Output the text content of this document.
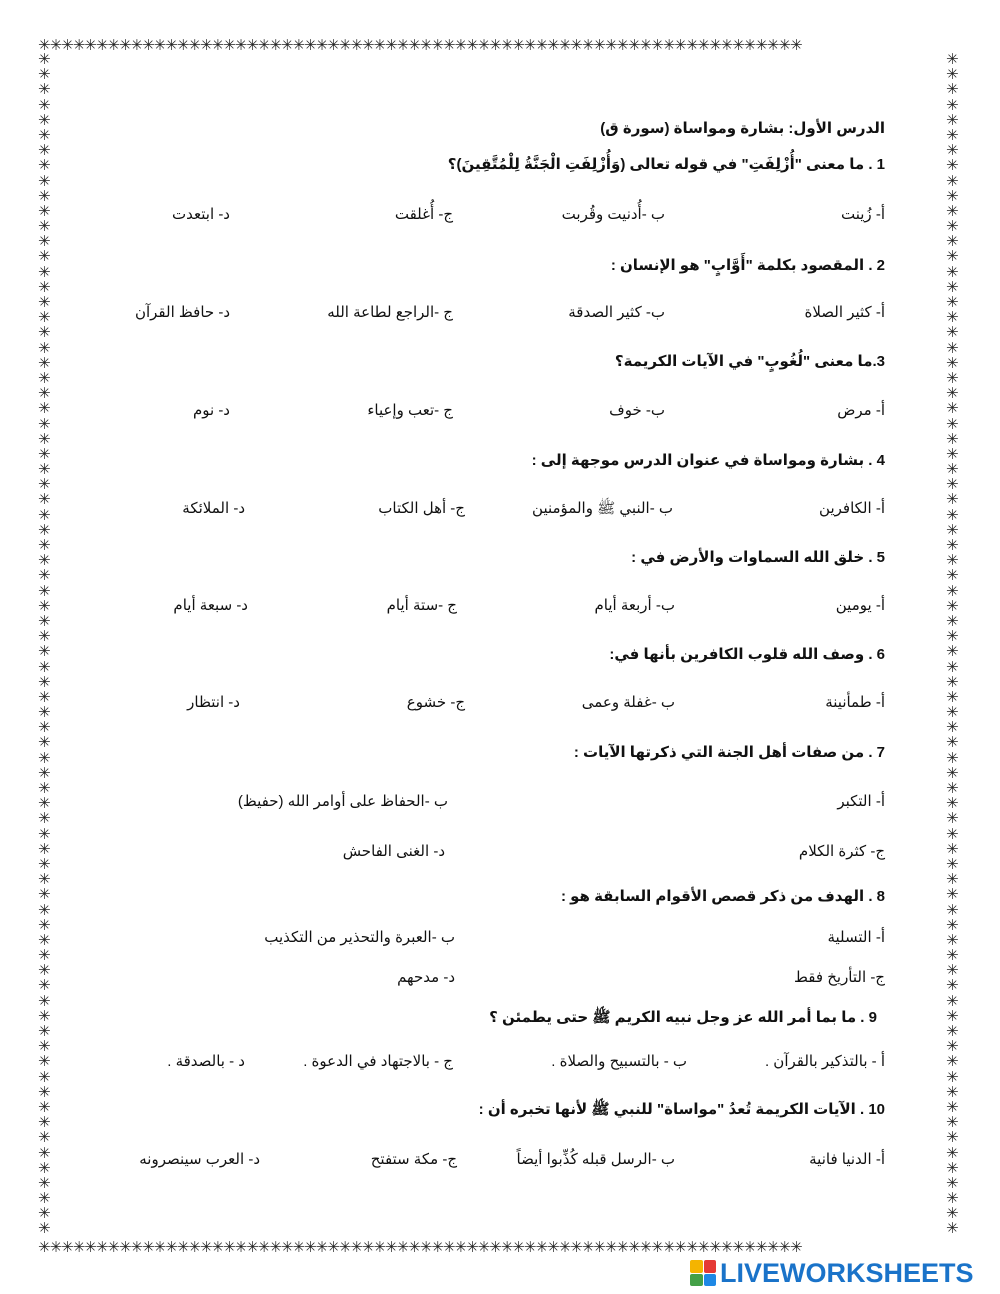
✳✳✳✳✳✳✳✳✳✳✳✳✳✳✳✳✳✳✳✳✳✳✳✳✳✳✳✳✳✳✳✳✳✳✳✳✳✳✳✳✳✳✳✳✳✳✳✳✳✳✳✳✳✳✳✳✳✳✳✳✳✳✳✳✳✳
✳✳✳✳✳✳✳✳✳✳✳✳✳✳✳✳✳✳✳✳✳✳✳✳✳✳✳✳✳✳✳✳✳✳✳✳✳✳✳✳✳✳✳✳✳✳✳✳✳✳✳✳✳✳✳✳✳✳✳✳✳✳✳✳✳✳
✳
✳
✳
✳
✳
✳
✳
✳
✳
✳
✳
✳
✳
✳
✳
✳
✳
✳
✳
✳
✳
✳
✳
✳
✳
✳
✳
✳
✳
✳
✳
✳
✳
✳
✳
✳
✳
✳
✳
✳
✳
✳
✳
✳
✳
✳
✳
✳
✳
✳
✳
✳
✳
✳
✳
✳
✳
✳
✳
✳
✳
✳
✳
✳
✳
✳
✳
✳
✳
✳
✳
✳
✳
✳
✳
✳
✳
✳
✳
✳
✳
✳
✳
✳
✳
✳
✳
✳
✳
✳
✳
✳
✳
✳
✳
✳
✳
✳
✳
✳
✳
✳
✳
✳
✳
✳
✳
✳
✳
✳
✳
✳
✳
✳
✳
✳
✳
✳
✳
✳
✳
✳
✳
✳
✳
✳
✳
✳
✳
✳
✳
✳
✳
✳
✳
✳
✳
✳
✳
✳
✳
✳
✳
✳
✳
✳
✳
✳
✳
✳
✳
✳
✳
✳
✳
✳
الدرس الأول: بشارة ومواساة (سورة ق)
1 . ما معنى "أُزْلِفَتِ" في قوله تعالى (وَأُزْلِفَتِ الْجَنَّةُ لِلْمُتَّقِينَ)؟
أ- زُينت
ب -أُدنيت وقُربت
ج- أُغلقت
د- ابتعدت
2 . المقصود بكلمة "أَوَّابٍ" هو الإنسان :
أ- كثير الصلاة
ب- كثير الصدقة
ج -الراجع لطاعة الله
د- حافظ القرآن
3.ما معنى "لُغُوبٍ" في الآيات الكريمة؟
أ- مرض
ب- خوف
ج -تعب وإعياء
د- نوم
4 . بشارة ومواساة في عنوان الدرس موجهة إلى :
أ- الكافرين
ب -النبي ﷺ والمؤمنين
ج- أهل الكتاب
د- الملائكة
5 . خلق الله السماوات والأرض في :
أ- يومين
ب- أربعة أيام
ج -ستة أيام
د- سبعة أيام
6 . وصف الله قلوب الكافرين بأنها في:
أ- طمأنينة
ب -غفلة وعمى
ج- خشوع
د- انتظار
7 . من صفات أهل الجنة التي ذكرتها الآيات :
أ- التكبر
ب -الحفاظ على أوامر الله (حفيظ)
ج- كثرة الكلام
د- الغنى الفاحش
8 . الهدف من ذكر قصص الأقوام السابقة هو :
أ- التسلية
ب -العبرة والتحذير من التكذيب
ج- التأريخ فقط
د- مدحهم
9 . ما بما أمر الله عز وجل نبيه الكريم ﷺ حتى يطمئن ؟
أ - بالتذكير بالقرآن .
ب - بالتسبيح والصلاة .
ج - بالاجتهاد في الدعوة .
د - بالصدقة .
10 . الآيات الكريمة تُعدُ "مواساة" للنبي ﷺ لأنها تخبره أن :
أ- الدنيا فانية
ب -الرسل قبله كُذِّبوا أيضاً
ج- مكة ستفتح
د- العرب سينصرونه
LIVEWORKSHEETS
